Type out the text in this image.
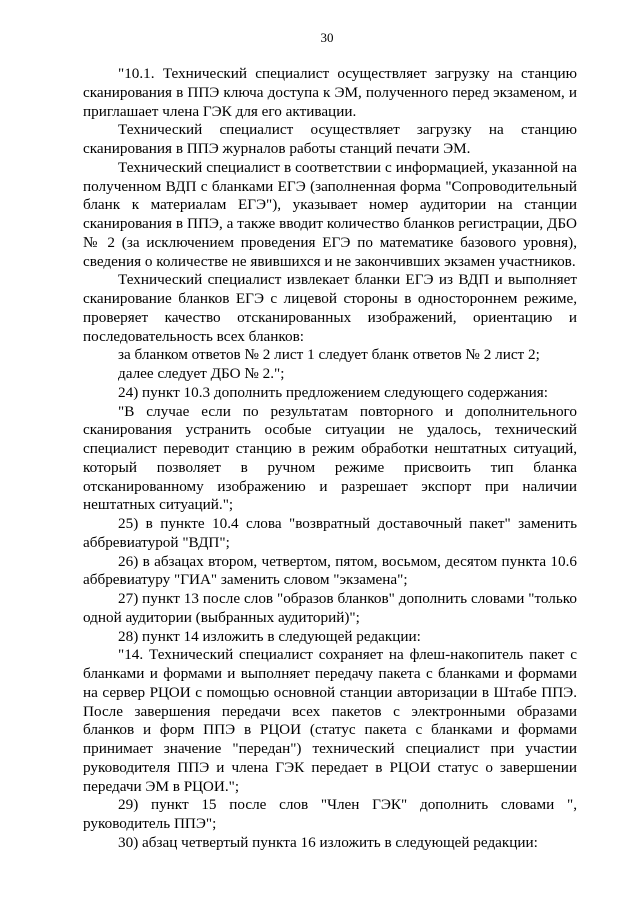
30

"10.1. Технический специалист осуществляет загрузку на станцию сканирования в ППЭ ключа доступа к ЭМ, полученного перед экзаменом, и приглашает члена ГЭК для его активации.

Технический специалист осуществляет загрузку на станцию сканирования в ППЭ журналов работы станций печати ЭМ.

Технический специалист в соответствии с информацией, указанной на полученном ВДП с бланками ЕГЭ (заполненная форма "Сопроводительный бланк к материалам ЕГЭ"), указывает номер аудитории на станции сканирования в ППЭ, а также вводит количество бланков регистрации, ДБО № 2 (за исключением проведения ЕГЭ по математике базового уровня), сведения о количестве не явившихся и не закончивших экзамен участников.

Технический специалист извлекает бланки ЕГЭ из ВДП и выполняет сканирование бланков ЕГЭ с лицевой стороны в одностороннем режиме, проверяет качество отсканированных изображений, ориентацию и последовательность всех бланков:

за бланком ответов № 2 лист 1 следует бланк ответов № 2 лист 2;

далее следует ДБО № 2.";

24) пункт 10.3 дополнить предложением следующего содержания:

"В случае если по результатам повторного и дополнительного сканирования устранить особые ситуации не удалось, технический специалист переводит станцию в режим обработки нештатных ситуаций, который позволяет в ручном режиме присвоить тип бланка отсканированному изображению и разрешает экспорт при наличии нештатных ситуаций.";

25) в пункте 10.4 слова "возвратный доставочный пакет" заменить аббревиатурой "ВДП";

26) в абзацах втором, четвертом, пятом, восьмом, десятом пункта 10.6 аббревиатуру "ГИА" заменить словом "экзамена";

27) пункт 13 после слов "образов бланков" дополнить словами "только одной аудитории (выбранных аудиторий)";

28) пункт 14 изложить в следующей редакции:

"14. Технический специалист сохраняет на флеш-накопитель пакет с бланками и формами и выполняет передачу пакета с бланками и формами на сервер РЦОИ с помощью основной станции авторизации в Штабе ППЭ. После завершения передачи всех пакетов с электронными образами бланков и форм ППЭ в РЦОИ (статус пакета с бланками и формами принимает значение "передан") технический специалист при участии руководителя ППЭ и члена ГЭК передает в РЦОИ статус о завершении передачи ЭМ в РЦОИ.";

29) пункт 15 после слов "Член ГЭК" дополнить словами ", руководитель ППЭ";

30) абзац четвертый пункта 16 изложить в следующей редакции:
